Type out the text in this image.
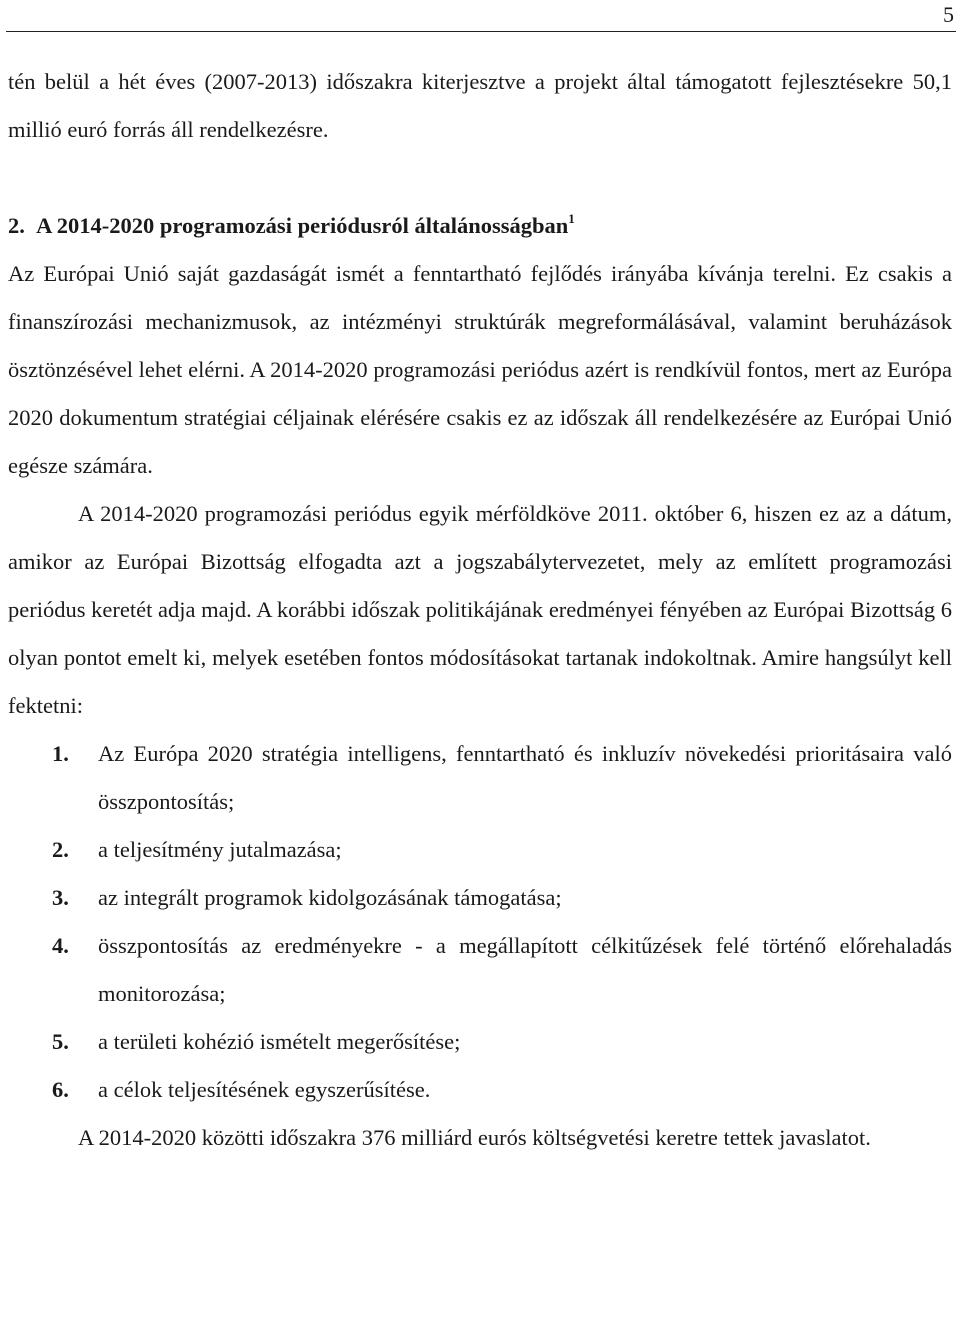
5

tén belül a hét éves (2007-2013) időszakra kiterjesztve a projekt által támogatott fejlesztésekre 50,1 millió euró forrás áll rendelkezésre.

2. A 2014-2020 programozási periódusról általánosságban$^1$

Az Európai Unió saját gazdaságát ismét a fenntartható fejlődés irányába kívánja terelni. Ez csakis a finanszírozási mechanizmusok, az intézményi struktúrák megreformálásával, valamint beruházások ösztönzésével lehet elérni. A 2014-2020 programozási periódus azért is rendkívül fontos, mert az Európa 2020 dokumentum stratégiai céljainak elérésére csakis ez az időszak áll rendelkezésére az Európai Unió egésze számára.

A 2014-2020 programozási periódus egyik mérföldköve 2011. október 6, hiszen ez az a dátum, amikor az Európai Bizottság elfogadta azt a jogszabálytervezetet, mely az említett programozási periódus keretét adja majd. A korábbi időszak politikájának eredményei fényében az Európai Bizottság 6 olyan pontot emelt ki, melyek esetében fontos módosításokat tartanak indokoltnak. Amire hangsúlyt kell fektetni:

1.	Az Európa 2020 stratégia intelligens, fenntartható és inkluzív növekedési prioritásaira való összpontosítás;
2.	a teljesítmény jutalmazása;
3.	az integrált programok kidolgozásának támogatása;
4.	összpontosítás az eredményekre - a megállapított célkitűzések felé történő előrehaladás monitorozása;
5.	a területi kohézió ismételt megerősítése;
6.	a célok teljesítésének egyszerűsítése.

A 2014-2020 közötti időszakra 376 milliárd eurós költségvetési keretre tettek javaslatot.
